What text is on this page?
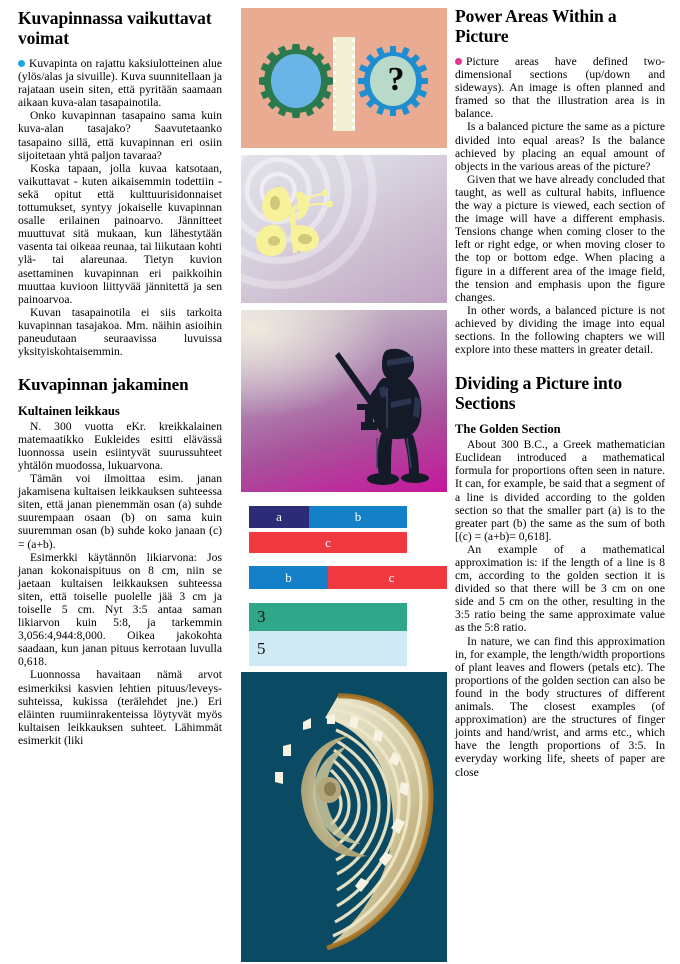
Kuvapinnassa vaikuttavat voimat

Kuvapinta on rajattu kaksiulotteinen alue (ylös/alas ja sivuille). Kuva suunnitellaan ja rajataan usein siten, että pyritään saamaan aikaan kuva-alan tasapainotila.

Onko kuvapinnan tasapaino sama kuin kuva-alan tasajako? Saavutetaanko tasapaino sillä, että kuvapinnan eri osiin sijoitetaan yhtä paljon tavaraa?

Koska tapaan, jolla kuvaa katsotaan, vaikuttavat - kuten aikaisemmin todettiin - sekä opitut että kulttuurisidonnaiset tottumukset, syntyy jokaiselle kuvapinnan osalle erilainen painoarvo. Jännitteet muuttuvat sitä mukaan, kun lähestytään vasenta tai oikeaa reunaa, tai liikutaan kohti ylä- tai alareunaa. Tietyn kuvion asettaminen kuvapinnan eri paikkoihin muuttaa kuvioon liittyvää jännitettä ja sen painoarvoa.

Kuvan tasapainotila ei siis tarkoita kuvapinnan tasajakoa. Mm. näihin asioihin paneudutaan seuraavissa luvuissa yksityiskohtaisemmin.

Kuvapinnan jakaminen
Kultainen leikkaus

N. 300 vuotta eKr. kreikkalainen matemaatikko Eukleides esitti elävässä luonnossa usein esiintyvät suurussuhteet yhtälön muodossa, lukuarvona.

Tämän voi ilmoittaa esim. janan jakamisena kultaisen leikkauksen suhteessa siten, että janan pienemmän osan (a) suhde suurempaan osaan (b) on sama kuin suuremman osan (b) suhde koko janaan (c) = (a+b).

Esimerkki käytännön likiarvona: Jos janan kokonaispituus on 8 cm, niin se jaetaan kultaisen leikkauksen suhteessa siten, että toiselle puolelle jää 3 cm ja toiselle 5 cm. Nyt 3:5 antaa saman likiarvon kuin 5:8, ja tarkemmin 3,056:4,944:8,000. Oikea jakokohta saadaan, kun janan pituus kerrotaan luvulla 0,618.

Luonnossa havaitaan nämä arvot esimerkiksi kasvien lehtien pituus/leveys-suhteissa, kukissa (terälehdet jne.) Eri eläinten ruumiinrakenteissa löytyvät myös kultaisen leikkauksen suhteet. Lähimmät esimerkit (liki

?
a	b
c
b	c
3
5
Power Areas Within a Picture

Picture areas have defined two-dimensional sections (up/down and sideways). An image is often planned and framed so that the illustration area is in balance.

Is a balanced picture the same as a picture divided into equal areas? Is the balance achieved by placing an equal amount of objects in the various areas of the picture?

Given that we have already concluded that taught, as well as cultural habits, influence the way a picture is viewed, each section of the image will have a different emphasis. Tensions change when coming closer to the left or right edge, or when moving closer to the top or bottom edge. When placing a figure in a different area of the image field, the tension and emphasis upon the figure changes.

In other words, a balanced picture is not achieved by dividing the image into equal sections. In the following chapters we will explore into these matters in greater detail.

Dividing a Picture into Sections
The Golden Section

About 300 B.C., a Greek mathematician Euclidean introduced a mathematical formula for proportions often seen in nature. It can, for example, be said that a segment of a line is divided according to the golden section so that the smaller part (a) is to the greater part (b) the same as the sum of both [(c) = (a+b)= 0,618].

An example of a mathematical approximation is: if the length of a line is 8 cm, according to the golden section it is divided so that there will be 3 cm on one side and 5 cm on the other, resulting in the 3:5 ratio being the same approximate value as the 5:8 ratio.

In nature, we can find this approximation in, for example, the length/width proportions of plant leaves and flowers (petals etc). The proportions of the golden section can also be found in the body structures of different animals. The closest examples (of approximation) are the structures of finger joints and hand/wrist, and arms etc., which have the length proportions of 3:5. In everyday working life, sheets of paper are close
